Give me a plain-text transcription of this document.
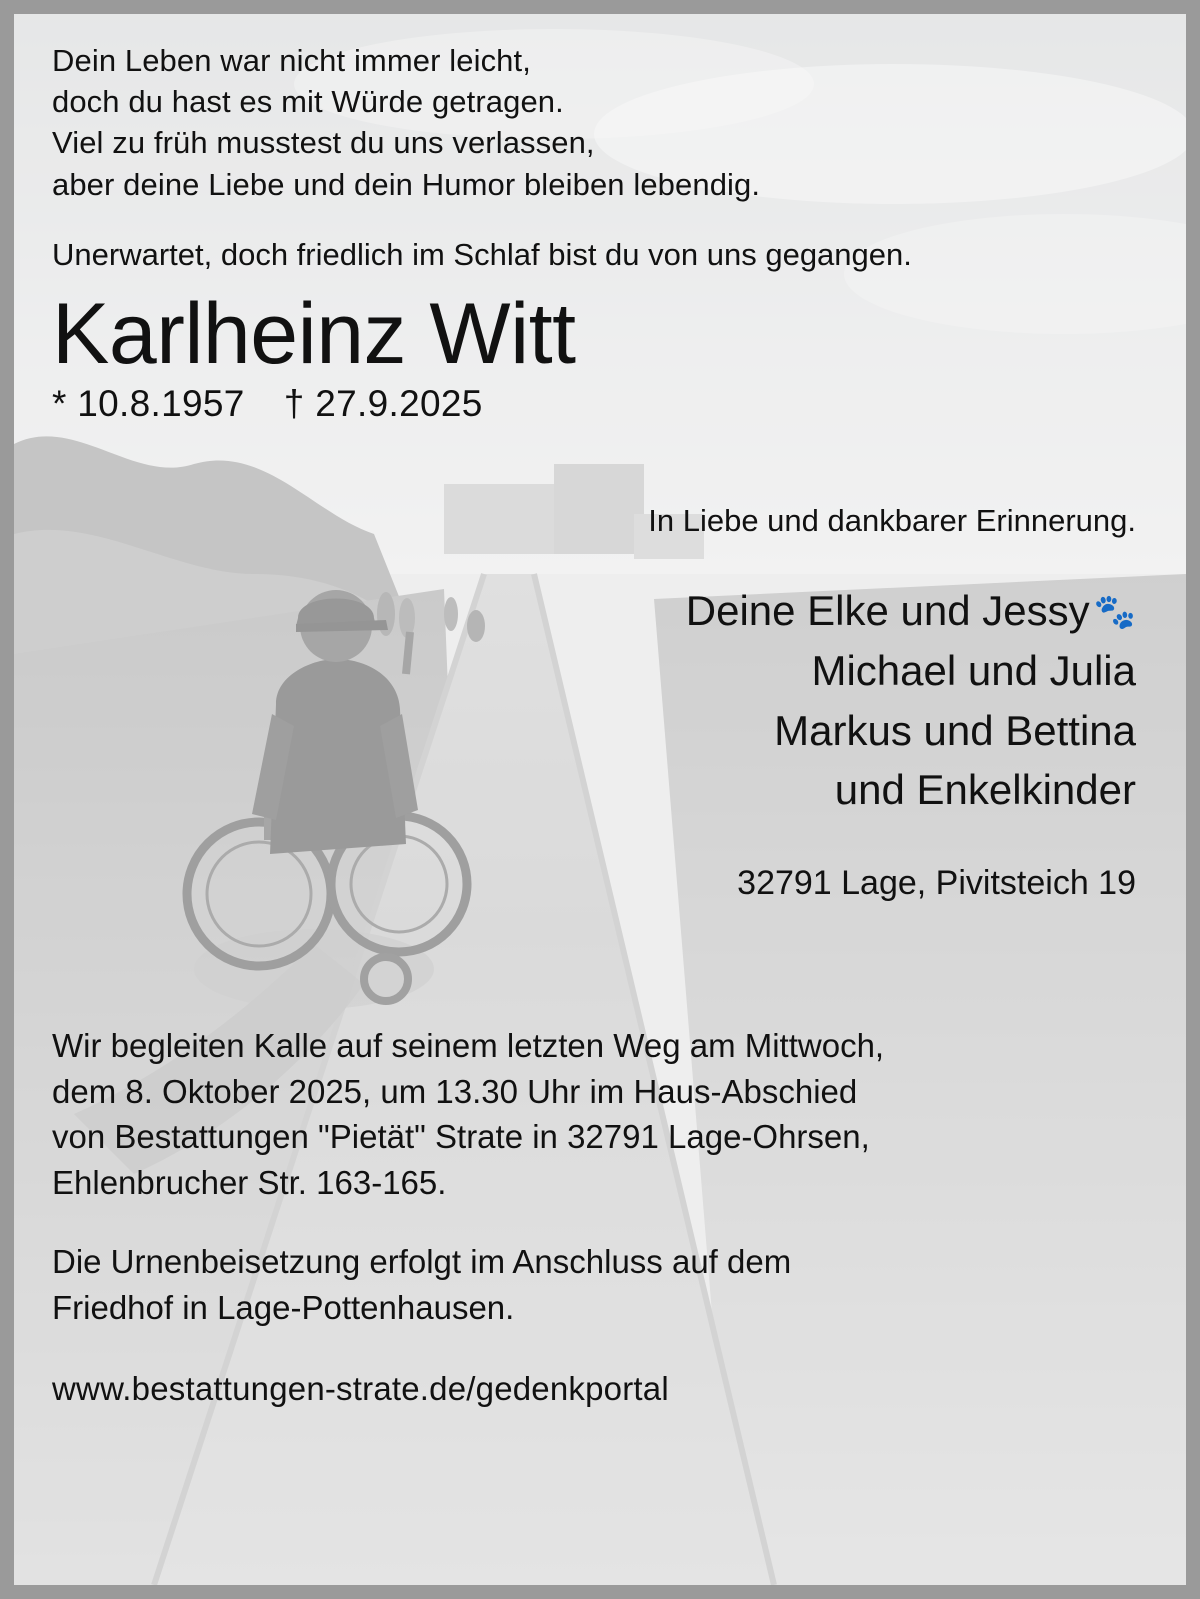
Dein Leben war nicht immer leicht,
doch du hast es mit Würde getragen.
Viel zu früh musstest du uns verlassen,
aber deine Liebe und dein Humor bleiben lebendig.
Unerwartet, doch friedlich im Schlaf bist du von uns gegangen.
Karlheinz Witt
* 10.8.1957 † 27.9.2025
In Liebe und dankbarer Erinnerung.
Deine Elke und Jessy 🐾
Michael und Julia
Markus und Bettina
und Enkelkinder
32791 Lage, Pivitsteich 19
Wir begleiten Kalle auf seinem letzten Weg am Mittwoch,
dem 8. Oktober 2025, um 13.30 Uhr im Haus-Abschied
von Bestattungen "Pietät" Strate in 32791 Lage-Ohrsen,
Ehlenbrucher Str. 163-165.
Die Urnenbeisetzung erfolgt im Anschluss auf dem
Friedhof in Lage-Pottenhausen.
www.bestattungen-strate.de/gedenkportal
